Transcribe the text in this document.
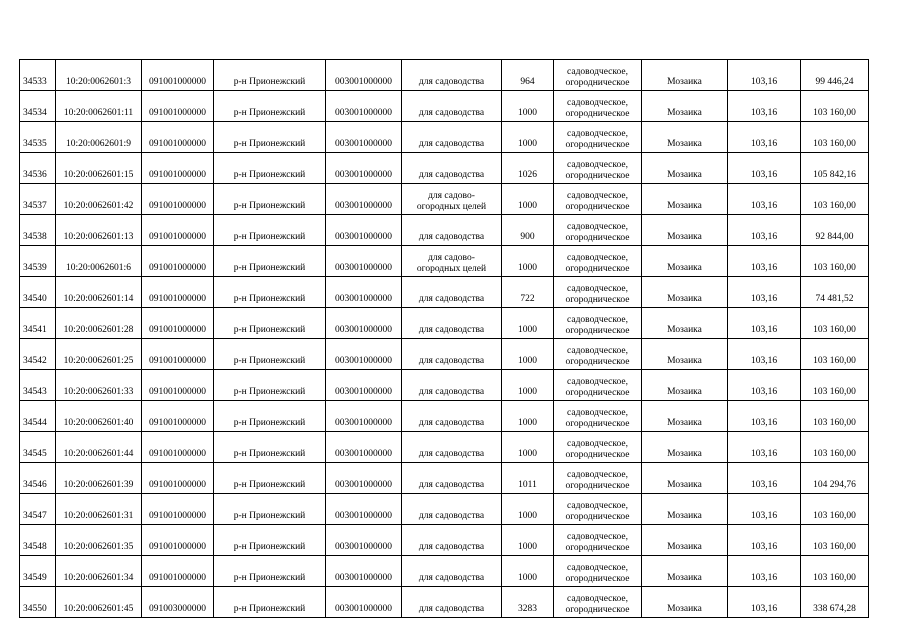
34533	10:20:0062601:3	091001000000	р-н Прионежский	003001000000	для садоводства	964	садоводческое,
огородническое	Мозаика	103,16	99 446,24
34534	10:20:0062601:11	091001000000	р-н Прионежский	003001000000	для садоводства	1000	садоводческое,
огородническое	Мозаика	103,16	103 160,00
34535	10:20:0062601:9	091001000000	р-н Прионежский	003001000000	для садоводства	1000	садоводческое,
огородническое	Мозаика	103,16	103 160,00
34536	10:20:0062601:15	091001000000	р-н Прионежский	003001000000	для садоводства	1026	садоводческое,
огородническое	Мозаика	103,16	105 842,16
34537	10:20:0062601:42	091001000000	р-н Прионежский	003001000000	для садово-
огородных целей	1000	садоводческое,
огородническое	Мозаика	103,16	103 160,00
34538	10:20:0062601:13	091001000000	р-н Прионежский	003001000000	для садоводства	900	садоводческое,
огородническое	Мозаика	103,16	92 844,00
34539	10:20:0062601:6	091001000000	р-н Прионежский	003001000000	для садово-
огородных целей	1000	садоводческое,
огородническое	Мозаика	103,16	103 160,00
34540	10:20:0062601:14	091001000000	р-н Прионежский	003001000000	для садоводства	722	садоводческое,
огородническое	Мозаика	103,16	74 481,52
34541	10:20:0062601:28	091001000000	р-н Прионежский	003001000000	для садоводства	1000	садоводческое,
огородническое	Мозаика	103,16	103 160,00
34542	10:20:0062601:25	091001000000	р-н Прионежский	003001000000	для садоводства	1000	садоводческое,
огородническое	Мозаика	103,16	103 160,00
34543	10:20:0062601:33	091001000000	р-н Прионежский	003001000000	для садоводства	1000	садоводческое,
огородническое	Мозаика	103,16	103 160,00
34544	10:20:0062601:40	091001000000	р-н Прионежский	003001000000	для садоводства	1000	садоводческое,
огородническое	Мозаика	103,16	103 160,00
34545	10:20:0062601:44	091001000000	р-н Прионежский	003001000000	для садоводства	1000	садоводческое,
огородническое	Мозаика	103,16	103 160,00
34546	10:20:0062601:39	091001000000	р-н Прионежский	003001000000	для садоводства	1011	садоводческое,
огородническое	Мозаика	103,16	104 294,76
34547	10:20:0062601:31	091001000000	р-н Прионежский	003001000000	для садоводства	1000	садоводческое,
огородническое	Мозаика	103,16	103 160,00
34548	10:20:0062601:35	091001000000	р-н Прионежский	003001000000	для садоводства	1000	садоводческое,
огородническое	Мозаика	103,16	103 160,00
34549	10:20:0062601:34	091001000000	р-н Прионежский	003001000000	для садоводства	1000	садоводческое,
огородническое	Мозаика	103,16	103 160,00
34550	10:20:0062601:45	091003000000	р-н Прионежский	003001000000	для садоводства	3283	садоводческое,
огородническое	Мозаика	103,16	338 674,28
